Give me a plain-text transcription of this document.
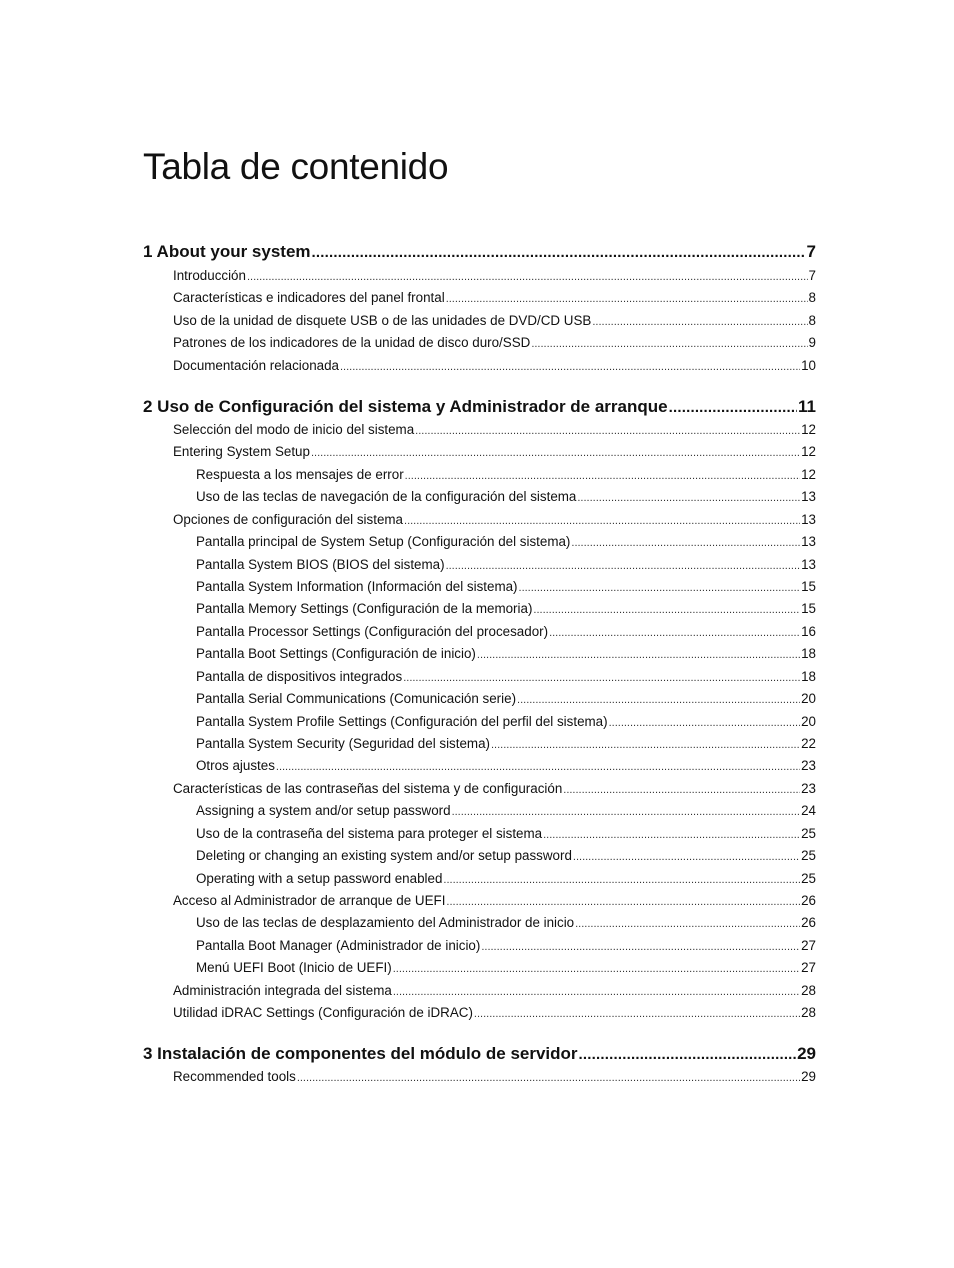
Tabla de contenido
1 About your system .....	7
Introducción .....	7
Características e indicadores del panel frontal .....	8
Uso de la unidad de disquete USB o de las unidades de DVD/CD USB .....	8
Patrones de los indicadores de la unidad de disco duro/SSD .....	9
Documentación relacionada .....	10
2 Uso de Configuración del sistema y Administrador de arranque .....	11
Selección del modo de inicio del sistema .....	12
Entering System Setup .....	12
Respuesta a los mensajes de error .....	12
Uso de las teclas de navegación de la configuración del sistema .....	13
Opciones de configuración del sistema .....	13
Pantalla principal de System Setup (Configuración del sistema) .....	13
Pantalla System BIOS (BIOS del sistema) .....	13
Pantalla System Information (Información del sistema) .....	15
Pantalla Memory Settings (Configuración de la memoria) .....	15
Pantalla Processor Settings (Configuración del procesador) .....	16
Pantalla Boot Settings (Configuración de inicio) .....	18
Pantalla de dispositivos integrados .....	18
Pantalla Serial Communications (Comunicación serie) .....	20
Pantalla System Profile Settings (Configuración del perfil del sistema) .....	20
Pantalla System Security (Seguridad del sistema) .....	22
Otros ajustes .....	23
Características de las contraseñas del sistema y de configuración .....	23
Assigning a system and/or setup password .....	24
Uso de la contraseña del sistema para proteger el sistema .....	25
Deleting or changing an existing system and/or setup password .....	25
Operating with a setup password enabled .....	25
Acceso al Administrador de arranque de UEFI .....	26
Uso de las teclas de desplazamiento del Administrador de inicio .....	26
Pantalla Boot Manager (Administrador de inicio) .....	27
Menú UEFI Boot (Inicio de UEFI) .....	27
Administración integrada del sistema .....	28
Utilidad iDRAC Settings (Configuración de iDRAC) .....	28
3 Instalación de componentes del módulo de servidor .....	29
Recommended tools .....	29
